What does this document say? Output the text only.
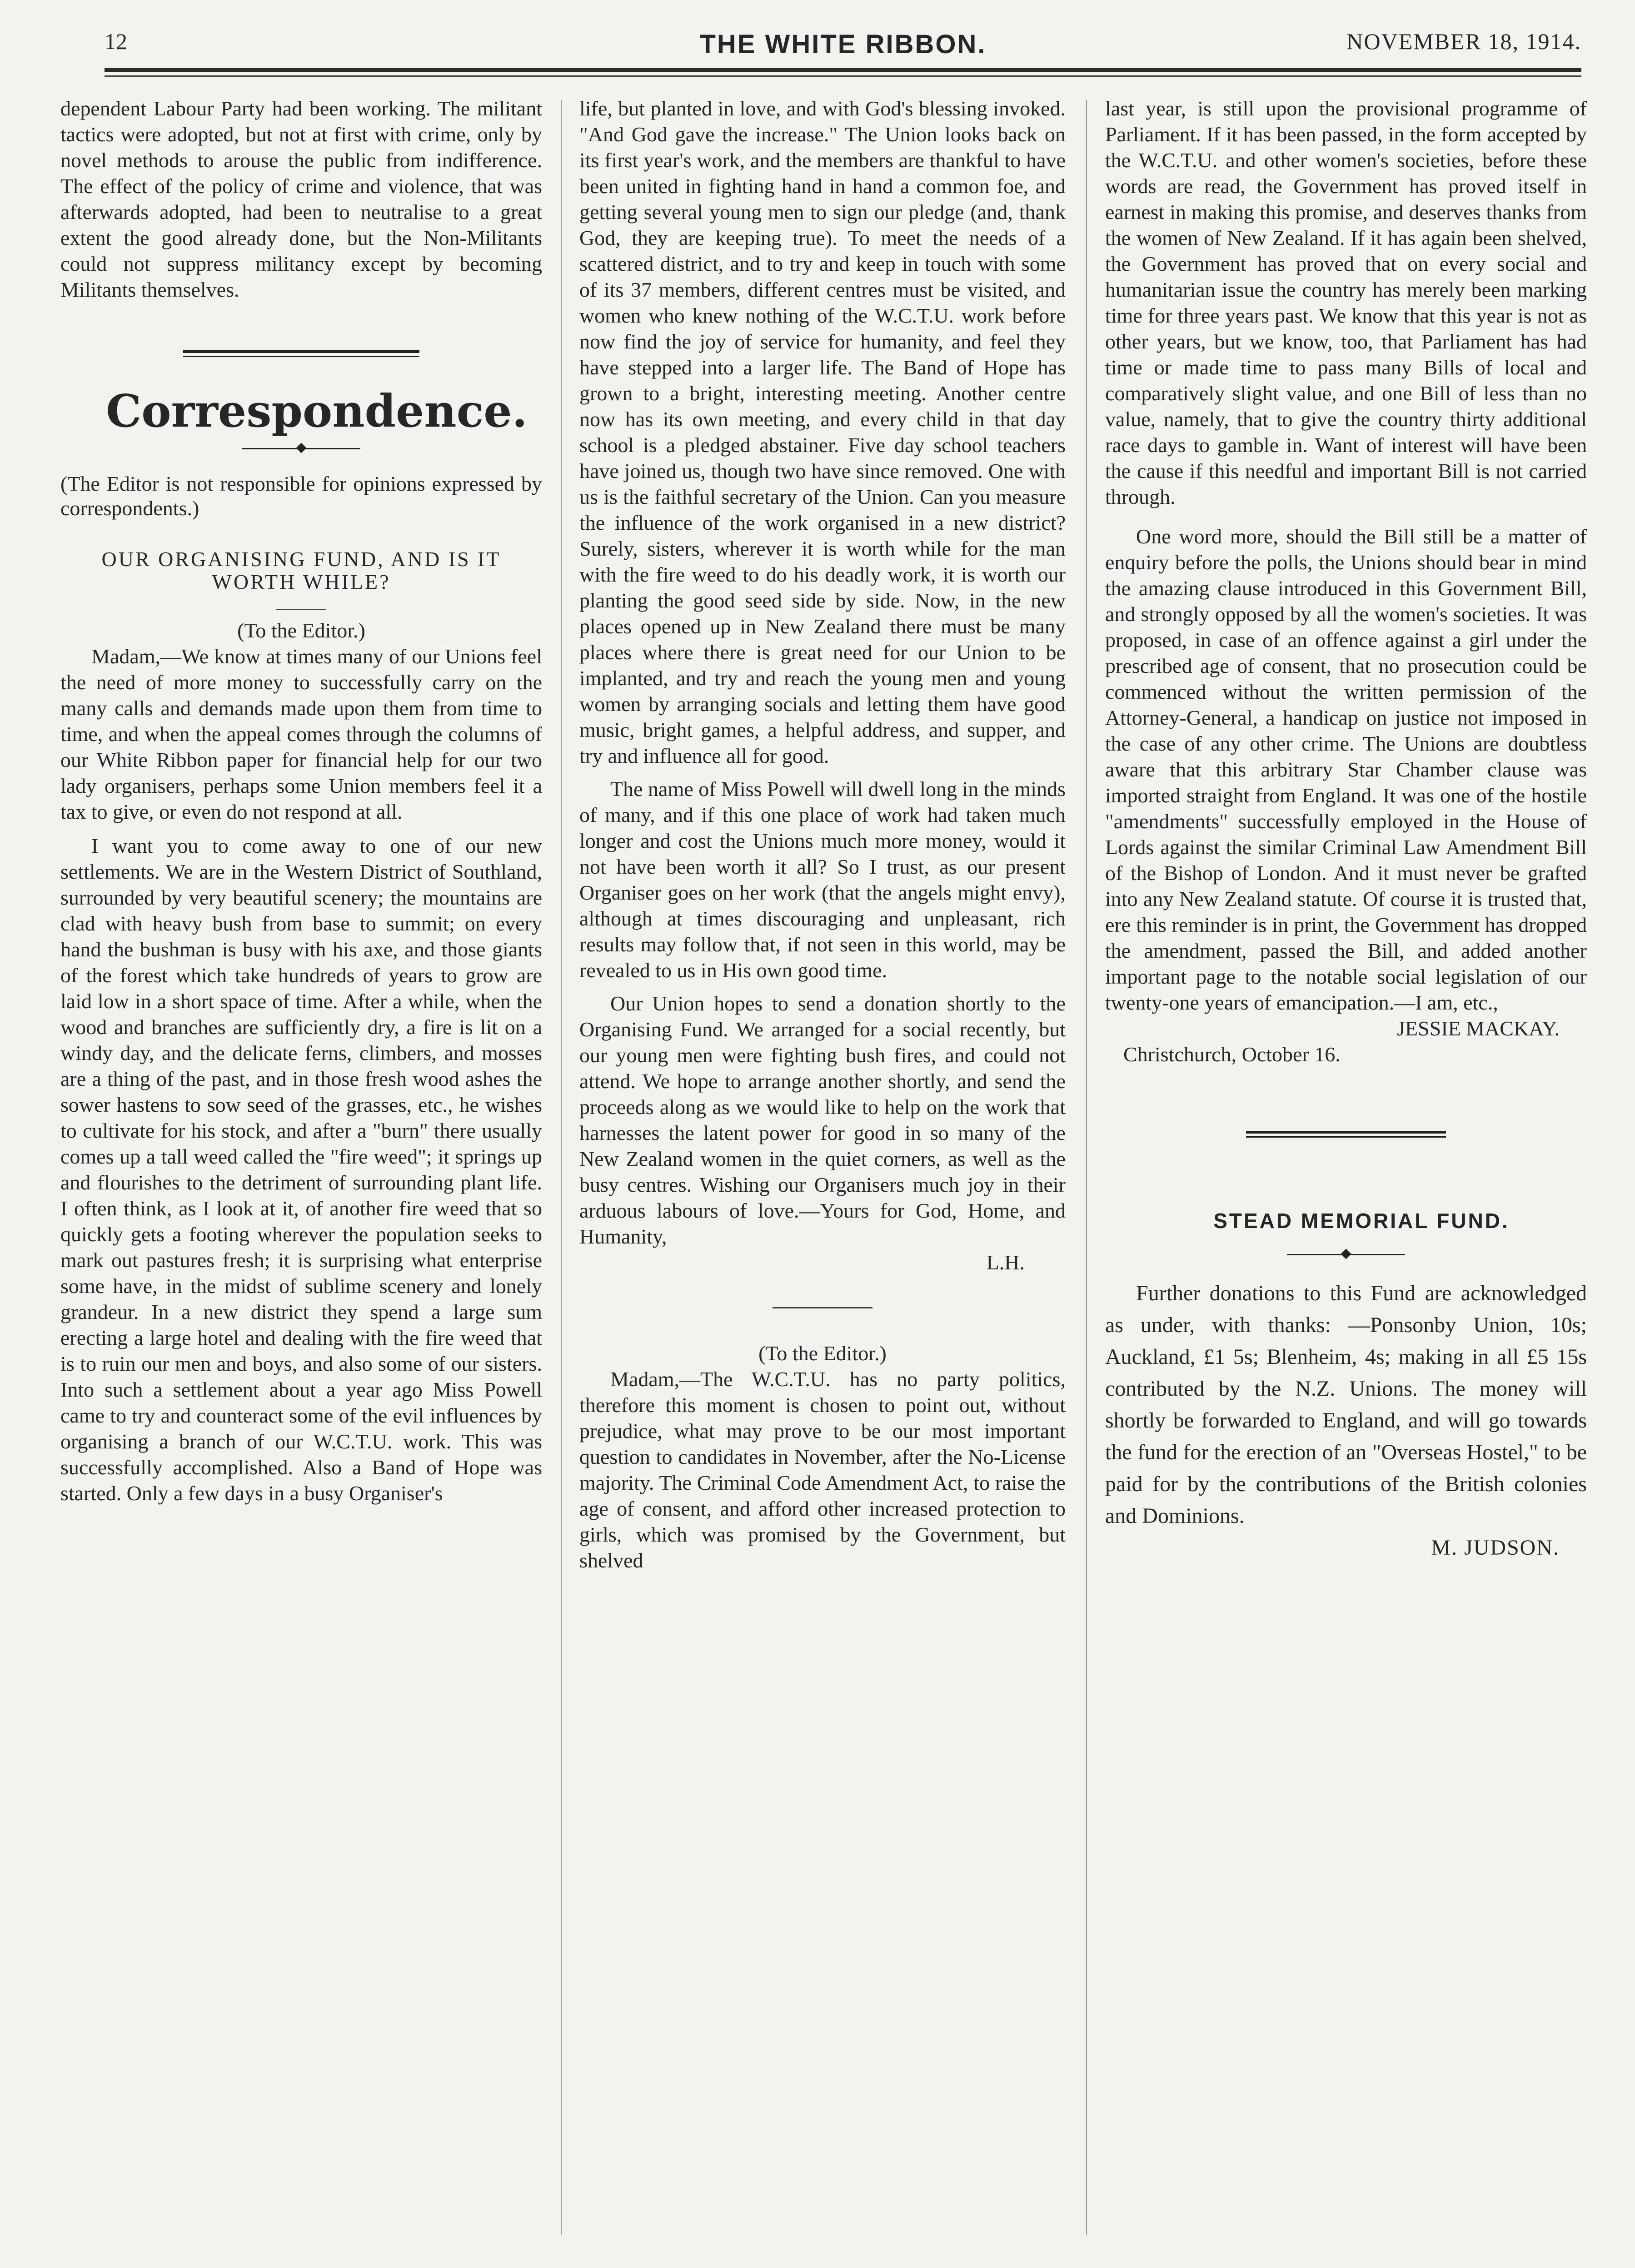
12	THE WHITE RIBBON.	NOVEMBER 18, 1914.

dependent Labour Party had been working. The militant tactics were adopted, but not at first with crime, only by novel methods to arouse the public from indifference. The effect of the policy of crime and violence, that was afterwards adopted, had been to neutralise to a great extent the good already done, but the Non-Militants could not suppress militancy except by becoming Militants themselves.

Correspondence.

(The Editor is not responsible for opinions expressed by correspondents.)

OUR ORGANISING FUND, AND IS IT WORTH WHILE?

(To the Editor.)

Madam,—We know at times many of our Unions feel the need of more money to successfully carry on the many calls and demands made upon them from time to time, and when the appeal comes through the columns of our White Ribbon paper for financial help for our two lady organisers, perhaps some Union members feel it a tax to give, or even do not respond at all.

I want you to come away to one of our new settlements. We are in the Western District of Southland, surrounded by very beautiful scenery; the mountains are clad with heavy bush from base to summit; on every hand the bushman is busy with his axe, and those giants of the forest which take hundreds of years to grow are laid low in a short space of time. After a while, when the wood and branches are sufficiently dry, a fire is lit on a windy day, and the delicate ferns, climbers, and mosses are a thing of the past, and in those fresh wood ashes the sower hastens to sow seed of the grasses, etc., he wishes to cultivate for his stock, and after a "burn" there usually comes up a tall weed called the "fire weed"; it springs up and flourishes to the detriment of surrounding plant life. I often think, as I look at it, of another fire weed that so quickly gets a footing wherever the population seeks to mark out pastures fresh; it is surprising what enterprise some have, in the midst of sublime scenery and lonely grandeur. In a new district they spend a large sum erecting a large hotel and dealing with the fire weed that is to ruin our men and boys, and also some of our sisters. Into such a settlement about a year ago Miss Powell came to try and counteract some of the evil influences by organising a branch of our W.C.T.U. work. This was successfully accomplished. Also a Band of Hope was started. Only a few days in a busy Organiser's

life, but planted in love, and with God's blessing invoked. "And God gave the increase." The Union looks back on its first year's work, and the members are thankful to have been united in fighting hand in hand a common foe, and getting several young men to sign our pledge (and, thank God, they are keeping true). To meet the needs of a scattered district, and to try and keep in touch with some of its 37 members, different centres must be visited, and women who knew nothing of the W.C.T.U. work before now find the joy of service for humanity, and feel they have stepped into a larger life. The Band of Hope has grown to a bright, interesting meeting. Another centre now has its own meeting, and every child in that day school is a pledged abstainer. Five day school teachers have joined us, though two have since removed. One with us is the faithful secretary of the Union. Can you measure the influence of the work organised in a new district? Surely, sisters, wherever it is worth while for the man with the fire weed to do his deadly work, it is worth our planting the good seed side by side. Now, in the new places opened up in New Zealand there must be many places where there is great need for our Union to be implanted, and try and reach the young men and young women by arranging socials and letting them have good music, bright games, a helpful address, and supper, and try and influence all for good.

The name of Miss Powell will dwell long in the minds of many, and if this one place of work had taken much longer and cost the Unions much more money, would it not have been worth it all? So I trust, as our present Organiser goes on her work (that the angels might envy), although at times discouraging and unpleasant, rich results may follow that, if not seen in this world, may be revealed to us in His own good time.

Our Union hopes to send a donation shortly to the Organising Fund. We arranged for a social recently, but our young men were fighting bush fires, and could not attend. We hope to arrange another shortly, and send the proceeds along as we would like to help on the work that harnesses the latent power for good in so many of the New Zealand women in the quiet corners, as well as the busy centres. Wishing our Organisers much joy in their arduous labours of love.—Yours for God, Home, and Humanity,

L.H.

(To the Editor.)

Madam,—The W.C.T.U. has no party politics, therefore this moment is chosen to point out, without prejudice, what may prove to be our most important question to candidates in November, after the No-License majority. The Criminal Code Amendment Act, to raise the age of consent, and afford other increased protection to girls, which was promised by the Government, but shelved

last year, is still upon the provisional programme of Parliament. If it has been passed, in the form accepted by the W.C.T.U. and other women's societies, before these words are read, the Government has proved itself in earnest in making this promise, and deserves thanks from the women of New Zealand. If it has again been shelved, the Government has proved that on every social and humanitarian issue the country has merely been marking time for three years past. We know that this year is not as other years, but we know, too, that Parliament has had time or made time to pass many Bills of local and comparatively slight value, and one Bill of less than no value, namely, that to give the country thirty additional race days to gamble in. Want of interest will have been the cause if this needful and important Bill is not carried through.

One word more, should the Bill still be a matter of enquiry before the polls, the Unions should bear in mind the amazing clause introduced in this Government Bill, and strongly opposed by all the women's societies. It was proposed, in case of an offence against a girl under the prescribed age of consent, that no prosecution could be commenced without the written permission of the Attorney-General, a handicap on justice not imposed in the case of any other crime. The Unions are doubtless aware that this arbitrary Star Chamber clause was imported straight from England. It was one of the hostile "amendments" successfully employed in the House of Lords against the similar Criminal Law Amendment Bill of the Bishop of London. And it must never be grafted into any New Zealand statute. Of course it is trusted that, ere this reminder is in print, the Government has dropped the amendment, passed the Bill, and added another important page to the notable social legislation of our twenty-one years of emancipation.—I am, etc.,

JESSIE MACKAY.

Christchurch, October 16.

STEAD MEMORIAL FUND.

Further donations to this Fund are acknowledged as under, with thanks: —Ponsonby Union, 10s; Auckland, £1 5s; Blenheim, 4s; making in all £5 15s contributed by the N.Z. Unions. The money will shortly be forwarded to England, and will go towards the fund for the erection of an "Overseas Hostel," to be paid for by the contributions of the British colonies and Dominions.

M. JUDSON.
